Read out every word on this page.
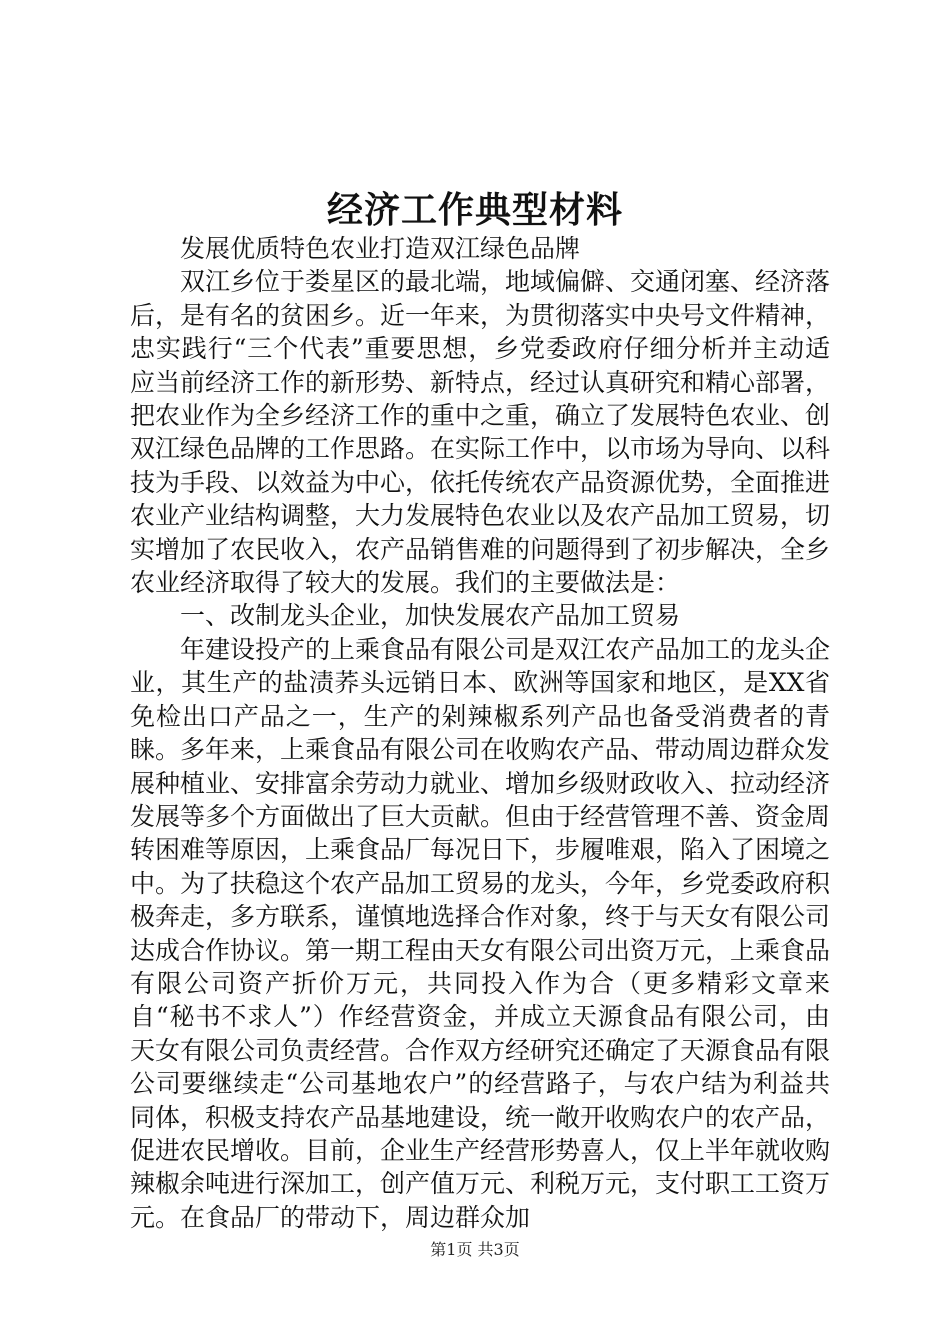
经济工作典型材料

发展优质特色农业打造双江绿色品牌

双江乡位于娄星区的最北端，地域偏僻、交通闭塞、经济落后，是有名的贫困乡。近一年来，为贯彻落实中央号文件精神，忠实践行“三个代表”重要思想，乡党委政府仔细分析并主动适应当前经济工作的新形势、新特点，经过认真研究和精心部署，把农业作为全乡经济工作的重中之重，确立了发展特色农业、创双江绿色品牌的工作思路。在实际工作中，以市场为导向、以科技为手段、以效益为中心，依托传统农产品资源优势，全面推进农业产业结构调整，大力发展特色农业以及农产品加工贸易，切实增加了农民收入，农产品销售难的问题得到了初步解决，全乡农业经济取得了较大的发展。我们的主要做法是：

一、改制龙头企业，加快发展农产品加工贸易

年建设投产的上乘食品有限公司是双江农产品加工的龙头企业，其生产的盐渍荞头远销日本、欧洲等国家和地区，是XX省免检出口产品之一，生产的剁辣椒系列产品也备受消费者的青睐。多年来，上乘食品有限公司在收购农产品、带动周边群众发展种植业、安排富余劳动力就业、增加乡级财政收入、拉动经济发展等多个方面做出了巨大贡献。但由于经营管理不善、资金周转困难等原因，上乘食品厂每况日下，步履唯艰，陷入了困境之中。为了扶稳这个农产品加工贸易的龙头，今年，乡党委政府积极奔走，多方联系，谨慎地选择合作对象，终于与天女有限公司达成合作协议。第一期工程由天女有限公司出资万元，上乘食品有限公司资产折价万元，共同投入作为合（更多精彩文章来自“秘书不求人”）作经营资金，并成立天源食品有限公司，由天女有限公司负责经营。合作双方经研究还确定了天源食品有限公司要继续走“公司基地农户”的经营路子，与农户结为利益共同体，积极支持农产品基地建设，统一敞开收购农户的农产品，促进农民增收。目前，企业生产经营形势喜人，仅上半年就收购辣椒余吨进行深加工，创产值万元、利税万元，支付职工工资万元。在食品厂的带动下，周边群众加

第1页 共3页
